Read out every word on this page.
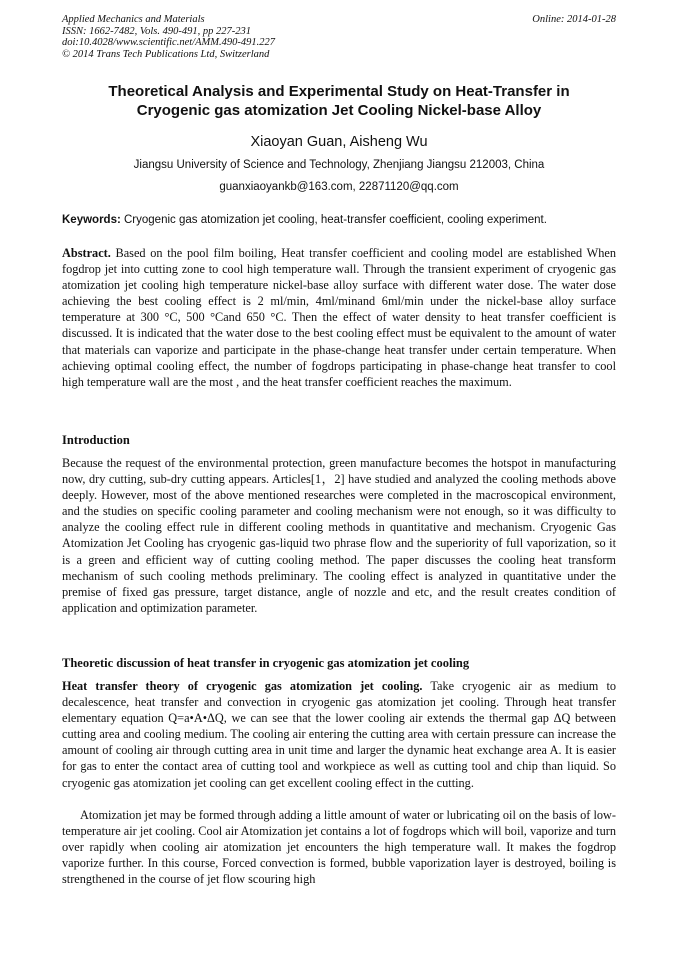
Applied Mechanics and Materials
ISSN: 1662-7482, Vols. 490-491, pp 227-231
doi:10.4028/www.scientific.net/AMM.490-491.227
© 2014 Trans Tech Publications Ltd, Switzerland
Online: 2014-01-28
Theoretical Analysis and Experimental Study on Heat-Transfer in
Cryogenic gas atomization Jet Cooling Nickel-base Alloy
Xiaoyan Guan, Aisheng Wu
Jiangsu University of Science and Technology, Zhenjiang Jiangsu 212003, China
guanxiaoyankb@163.com, 22871120@qq.com
Keywords: Cryogenic gas atomization jet cooling, heat-transfer coefficient, cooling experiment.
Abstract. Based on the pool film boiling, Heat transfer coefficient and cooling model are established When fogdrop jet into cutting zone to cool high temperature wall. Through the transient experiment of cryogenic gas atomization jet cooling high temperature nickel-base alloy surface with different water dose. The water dose achieving the best cooling effect is 2 ml/min, 4ml/minand 6ml/min under the nickel-base alloy surface temperature at 300 °C, 500 °Cand 650 °C. Then the effect of water density to heat transfer coefficient is discussed. It is indicated that the water dose to the best cooling effect must be equivalent to the amount of water that materials can vaporize and participate in the phase-change heat transfer under certain temperature. When achieving optimal cooling effect, the number of fogdrops participating in phase-change heat transfer to cool high temperature wall are the most , and the heat transfer coefficient reaches the maximum.
Introduction
Because the request of the environmental protection, green manufacture becomes the hotspot in manufacturing now, dry cutting, sub-dry cutting appears. Articles[1，2] have studied and analyzed the cooling methods above deeply. However, most of the above mentioned researches were completed in the macroscopical environment, and the studies on specific cooling parameter and cooling mechanism were not enough, so it was difficulty to analyze the cooling effect rule in different cooling methods in quantitative and mechanism. Cryogenic Gas Atomization Jet Cooling has cryogenic gas-liquid two phrase flow and the superiority of full vaporization, so it is a green and efficient way of cutting cooling method. The paper discusses the cooling heat transform mechanism of such cooling methods preliminary. The cooling effect is analyzed in quantitative under the premise of fixed gas pressure, target distance, angle of nozzle and etc, and the result creates condition of application and optimization parameter.
Theoretic discussion of heat transfer in cryogenic gas atomization jet cooling
Heat transfer theory of cryogenic gas atomization jet cooling. Take cryogenic air as medium to decalescence, heat transfer and convection in cryogenic gas atomization jet cooling. Through heat transfer elementary equation Q=a•A•ΔQ, we can see that the lower cooling air extends the thermal gap ΔQ between cutting area and cooling medium. The cooling air entering the cutting area with certain pressure can increase the amount of cooling air through cutting area in unit time and larger the dynamic heat exchange area A. It is easier for gas to enter the contact area of cutting tool and workpiece as well as cutting tool and chip than liquid. So cryogenic gas atomization jet cooling can get excellent cooling effect in the cutting.
Atomization jet may be formed through adding a little amount of water or lubricating oil on the basis of low-temperature air jet cooling. Cool air Atomization jet contains a lot of fogdrops which will boil, vaporize and turn over rapidly when cooling air atomization jet encounters the high temperature wall. It makes the fogdrop vaporize further. In this course, Forced convection is formed, bubble vaporization layer is destroyed, boiling is strengthened in the course of jet flow scouring high
